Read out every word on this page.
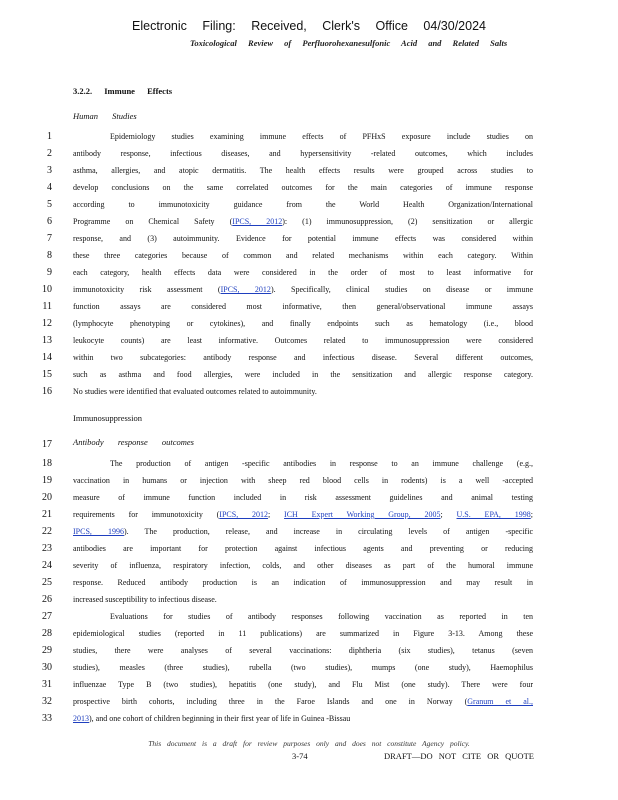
Electronic Filing: Received, Clerk's Office 04/30/2024
Toxicological Review of Perfluorohexanesulfonic Acid and Related Salts
3.2.2. Immune Effects
Human Studies
1	Epidemiology studies examining immune effects of PFHxS exposure include studies on
2	antibody response, infectious diseases, and hypersensitivity -related outcomes, which includes
3	asthma, allergies, and atopic dermatitis. The health effects results were grouped across studies to
4	develop conclusions on the same correlated outcomes for the main categories of immune response
5	according to immunotoxicity guidance from the World Health Organization/International
6	Programme on Chemical Safety (IPCS, 2012): (1) immunosuppression, (2) sensitization or allergic
7	response, and (3) autoimmunity. Evidence for potential immune effects was considered within
8	these three categories because of common and related mechanisms within each category. Within
9	each category, health effects data were considered in the order of most to least informative for
10	immunotoxicity risk assessment (IPCS, 2012). Specifically, clinical studies on disease or immune
11	function assays are considered most informative, then general/observational immune assays
12	(lymphocyte phenotyping or cytokines), and finally endpoints such as hematology (i.e., blood
13	leukocyte counts) are least informative. Outcomes related to immunosuppression were considered
14	within two subcategories: antibody response and infectious disease. Several different outcomes,
15	such as asthma and food allergies, were included in the sensitization and allergic response category.
16	No studies were identified that evaluated outcomes related to autoimmunity.
17
18	The production of antigen -specific antibodies in response to an immune challenge (e.g.,
19	vaccination in humans or injection with sheep red blood cells in rodents) is a well -accepted
20	measure of immune function included in risk assessment guidelines and animal testing
21	requirements for immunotoxicity (IPCS, 2012; ICH Expert Working Group, 2005; U.S. EPA, 1998;
22	IPCS, 1996). The production, release, and increase in circulating levels of antigen -specific
23	antibodies are important for protection against infectious agents and preventing or reducing
24	severity of influenza, respiratory infection, colds, and other diseases as part of the humoral immune
25	response. Reduced antibody production is an indication of immunosuppression and may result in
26	increased susceptibility to infectious disease.
27	Evaluations for studies of antibody responses following vaccination as reported in ten
28	epidemiological studies (reported in 11 publications) are summarized in Figure 3-13. Among these
29	studies, there were analyses of several vaccinations: diphtheria (six studies), tetanus (seven
30	studies), measles (three studies), rubella (two studies), mumps (one study), Haemophilus
31	influenzae Type B (two studies), hepatitis (one study), and Flu Mist (one study). There were four
32	prospective birth cohorts, including three in the Faroe Islands and one in Norway (Granum et al.,
33	2013), and one cohort of children beginning in their first year of life in Guinea -Bissau
Immunosuppression
Antibody response outcomes
This document is a draft for review purposes only and does not constitute Agency policy.
3-74	DRAFT—DO NOT CITE OR QUOTE
